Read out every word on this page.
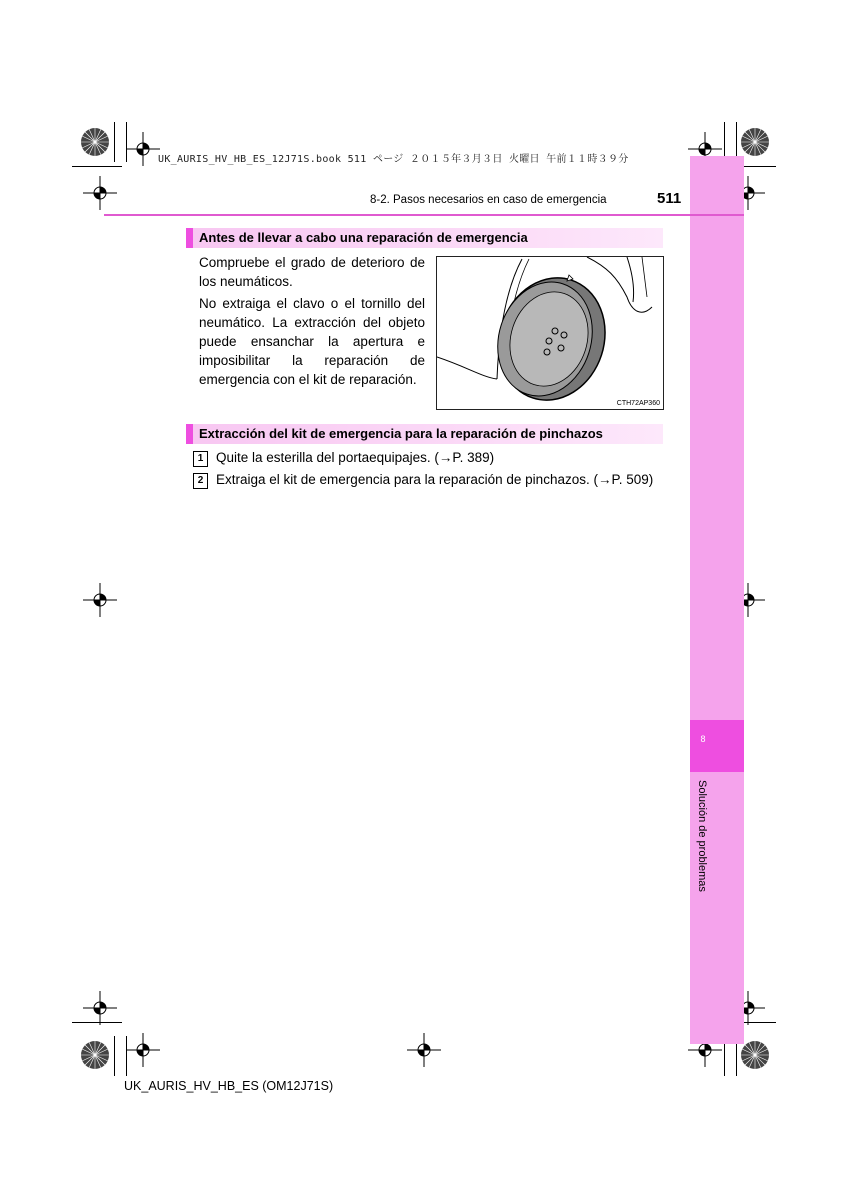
UK_AURIS_HV_HB_ES_12J71S.book 511 ページ ２０１５年３月３日 火曜日 午前１１時３９分
8
Solución de problemas
8-2. Pasos necesarios en caso de emergencia	511
Antes de llevar a cabo una reparación de emergencia
Compruebe el grado de deterioro de los neumáticos.
No extraiga el clavo o el tornillo del neumático. La extracción del objeto puede ensanchar la apertura e imposibilitar la reparación de emergencia con el kit de reparación.
CTH72AP360
Extracción del kit de emergencia para la reparación de pinchazos
1 Quite la esterilla del portaequipajes. (→P. 389)
2 Extraiga el kit de emergencia para la reparación de pinchazos. (→P. 509)
UK_AURIS_HV_HB_ES (OM12J71S)
